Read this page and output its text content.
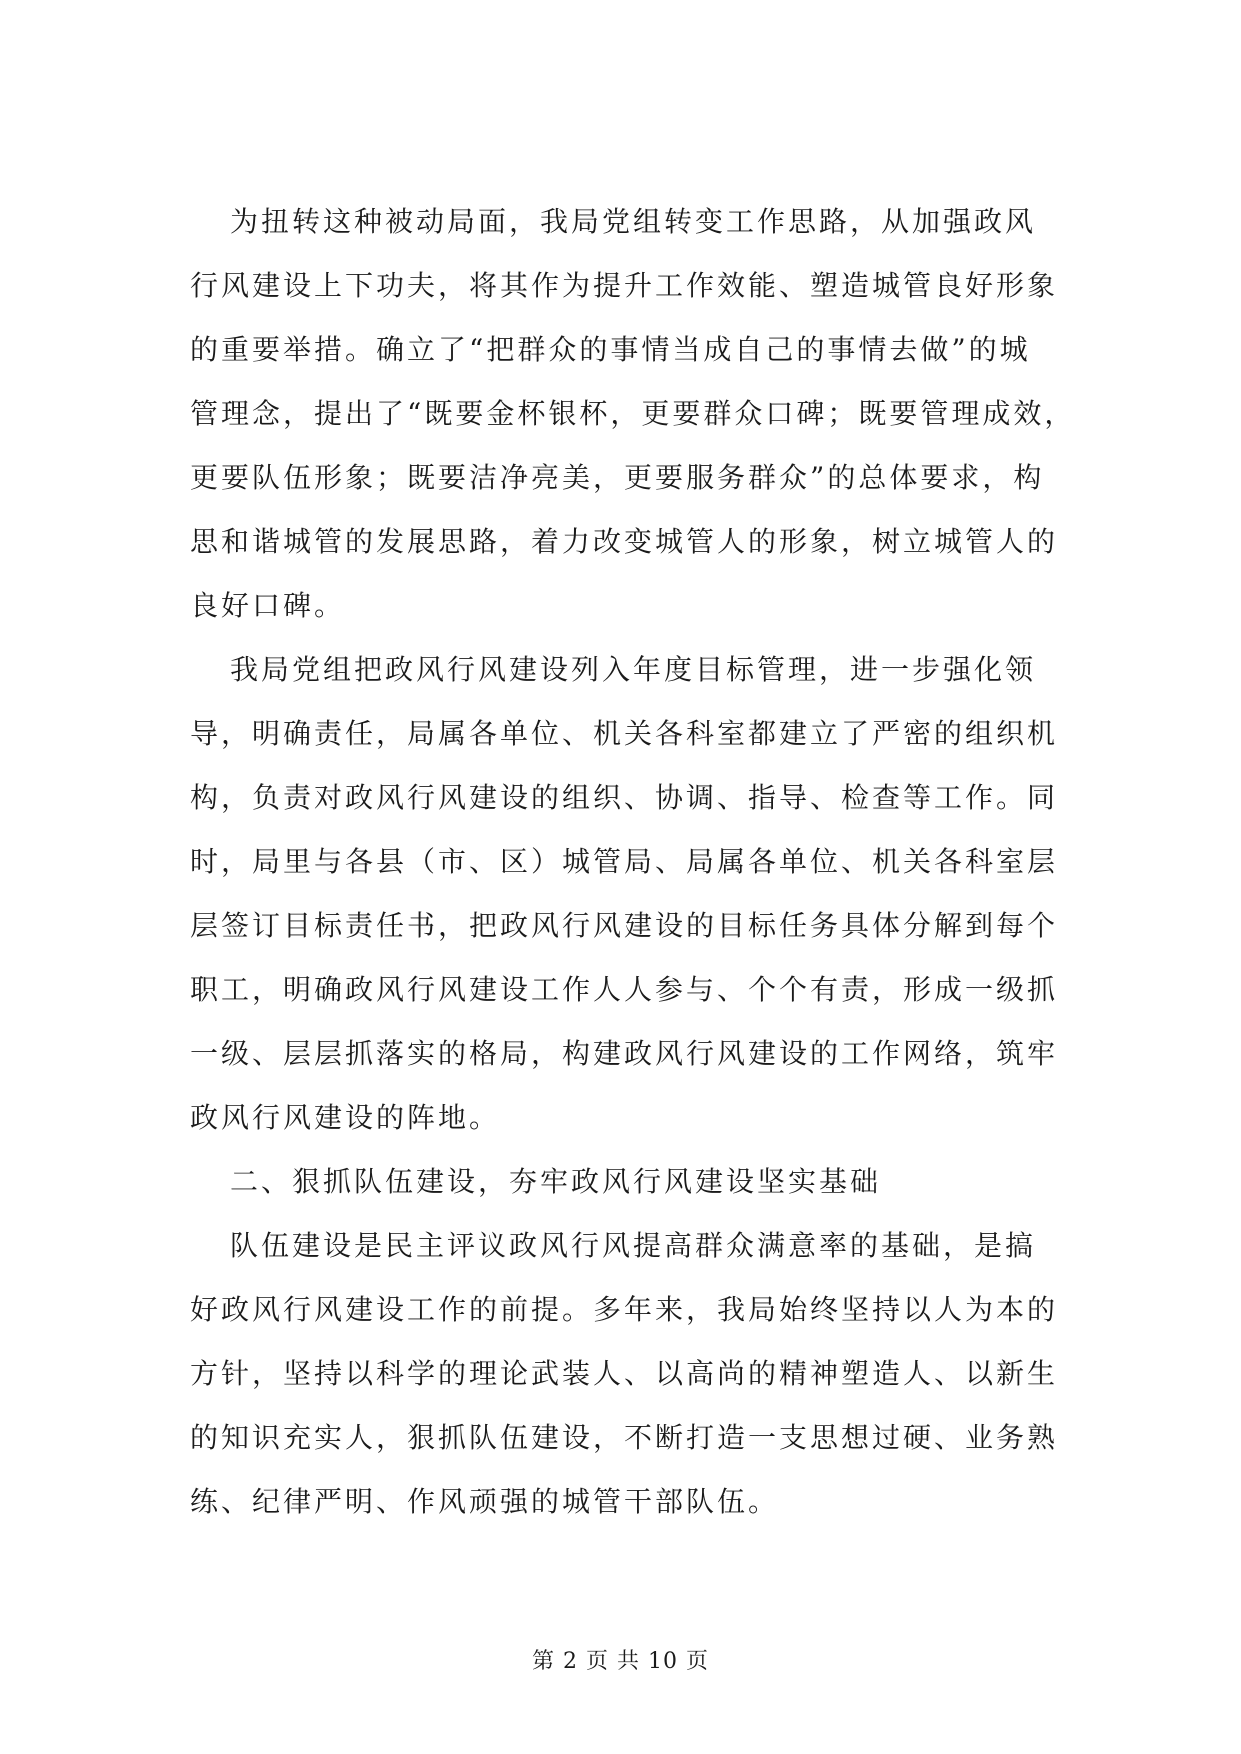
为扭转这种被动局面，我局党组转变工作思路，从加强政风
行风建设上下功夫，将其作为提升工作效能、塑造城管良好形象
的重要举措。确立了“把群众的事情当成自己的事情去做”的城
管理念，提出了“既要金杯银杯，更要群众口碑；既要管理成效，
更要队伍形象；既要洁净亮美，更要服务群众”的总体要求，构
思和谐城管的发展思路，着力改变城管人的形象，树立城管人的
良好口碑。
我局党组把政风行风建设列入年度目标管理，进一步强化领
导，明确责任，局属各单位、机关各科室都建立了严密的组织机
构，负责对政风行风建设的组织、协调、指导、检查等工作。同
时，局里与各县（市、区）城管局、局属各单位、机关各科室层
层签订目标责任书，把政风行风建设的目标任务具体分解到每个
职工，明确政风行风建设工作人人参与、个个有责，形成一级抓
一级、层层抓落实的格局，构建政风行风建设的工作网络，筑牢
政风行风建设的阵地。
二、狠抓队伍建设，夯牢政风行风建设坚实基础
队伍建设是民主评议政风行风提高群众满意率的基础，是搞
好政风行风建设工作的前提。多年来，我局始终坚持以人为本的
方针，坚持以科学的理论武装人、以高尚的精神塑造人、以新生
的知识充实人，狠抓队伍建设，不断打造一支思想过硬、业务熟
练、纪律严明、作风顽强的城管干部队伍。
第 2 页 共 10 页
